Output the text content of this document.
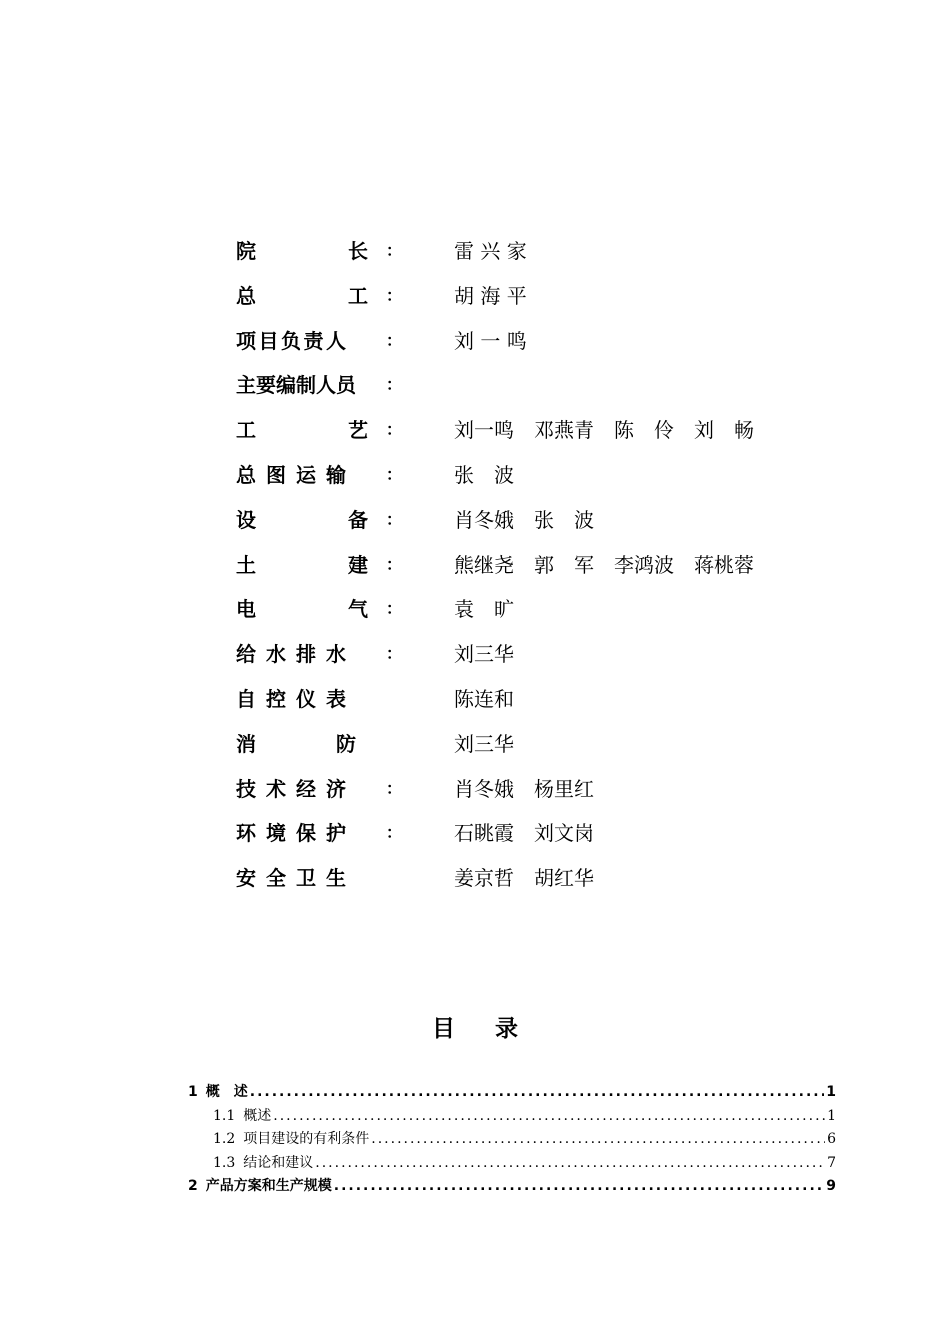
院	长 ：	雷 兴 家
总	工 ：	胡 海 平
项 目 负 责 人	：	刘 一 鸣
主 要 编 制 人 员 ：
工	艺 ：	刘一鸣　邓燕青　陈　伶　刘　畅
总 图 运 输	：	张　波
设	备 ：	肖冬娥　张　波
土	建 ：	熊继尧　郭　军　李鸿波　蒋桃蓉
电	气 ：	袁　旷
给 水 排 水	：	刘三华
自 控 仪 表	陈连和
消	防	刘三华
技 术 经 济	：	肖冬娥　杨里红
环 境 保 护	：	石眺霞　刘文岗
安 全 卫 生	姜京哲　胡红华
目录
1 概　述 .....	1
1.1 概述 .....	1
1.2 项目建设的有利条件 .....	6
1.3 结论和建议 .....	7
2 产品方案和生产规模 .....	9
